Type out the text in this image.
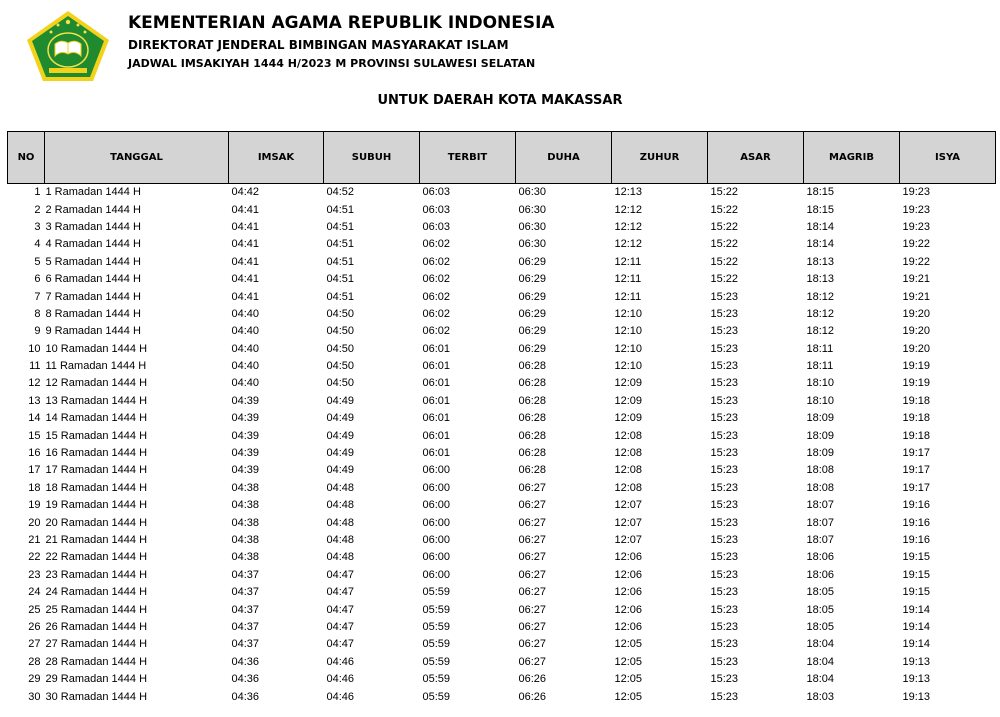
KEMENTERIAN AGAMA REPUBLIK INDONESIA
DIREKTORAT JENDERAL BIMBINGAN MASYARAKAT ISLAM
JADWAL IMSAKIYAH 1444 H/2023 M PROVINSI SULAWESI SELATAN
UNTUK DAERAH KOTA MAKASSAR
NO	TANGGAL	IMSAK	SUBUH	TERBIT	DUHA	ZUHUR	ASAR	MAGRIB	ISYA
1	1 Ramadan 1444 H	04:42	04:52	06:03	06:30	12:13	15:22	18:15	19:23
2	2 Ramadan 1444 H	04:41	04:51	06:03	06:30	12:12	15:22	18:15	19:23
3	3 Ramadan 1444 H	04:41	04:51	06:03	06:30	12:12	15:22	18:14	19:23
4	4 Ramadan 1444 H	04:41	04:51	06:02	06:30	12:12	15:22	18:14	19:22
5	5 Ramadan 1444 H	04:41	04:51	06:02	06:29	12:11	15:22	18:13	19:22
6	6 Ramadan 1444 H	04:41	04:51	06:02	06:29	12:11	15:22	18:13	19:21
7	7 Ramadan 1444 H	04:41	04:51	06:02	06:29	12:11	15:23	18:12	19:21
8	8 Ramadan 1444 H	04:40	04:50	06:02	06:29	12:10	15:23	18:12	19:20
9	9 Ramadan 1444 H	04:40	04:50	06:02	06:29	12:10	15:23	18:12	19:20
10	10 Ramadan 1444 H	04:40	04:50	06:01	06:29	12:10	15:23	18:11	19:20
11	11 Ramadan 1444 H	04:40	04:50	06:01	06:28	12:10	15:23	18:11	19:19
12	12 Ramadan 1444 H	04:40	04:50	06:01	06:28	12:09	15:23	18:10	19:19
13	13 Ramadan 1444 H	04:39	04:49	06:01	06:28	12:09	15:23	18:10	19:18
14	14 Ramadan 1444 H	04:39	04:49	06:01	06:28	12:09	15:23	18:09	19:18
15	15 Ramadan 1444 H	04:39	04:49	06:01	06:28	12:08	15:23	18:09	19:18
16	16 Ramadan 1444 H	04:39	04:49	06:01	06:28	12:08	15:23	18:09	19:17
17	17 Ramadan 1444 H	04:39	04:49	06:00	06:28	12:08	15:23	18:08	19:17
18	18 Ramadan 1444 H	04:38	04:48	06:00	06:27	12:08	15:23	18:08	19:17
19	19 Ramadan 1444 H	04:38	04:48	06:00	06:27	12:07	15:23	18:07	19:16
20	20 Ramadan 1444 H	04:38	04:48	06:00	06:27	12:07	15:23	18:07	19:16
21	21 Ramadan 1444 H	04:38	04:48	06:00	06:27	12:07	15:23	18:07	19:16
22	22 Ramadan 1444 H	04:38	04:48	06:00	06:27	12:06	15:23	18:06	19:15
23	23 Ramadan 1444 H	04:37	04:47	06:00	06:27	12:06	15:23	18:06	19:15
24	24 Ramadan 1444 H	04:37	04:47	05:59	06:27	12:06	15:23	18:05	19:15
25	25 Ramadan 1444 H	04:37	04:47	05:59	06:27	12:06	15:23	18:05	19:14
26	26 Ramadan 1444 H	04:37	04:47	05:59	06:27	12:06	15:23	18:05	19:14
27	27 Ramadan 1444 H	04:37	04:47	05:59	06:27	12:05	15:23	18:04	19:14
28	28 Ramadan 1444 H	04:36	04:46	05:59	06:27	12:05	15:23	18:04	19:13
29	29 Ramadan 1444 H	04:36	04:46	05:59	06:26	12:05	15:23	18:04	19:13
30	30 Ramadan 1444 H	04:36	04:46	05:59	06:26	12:05	15:23	18:03	19:13
